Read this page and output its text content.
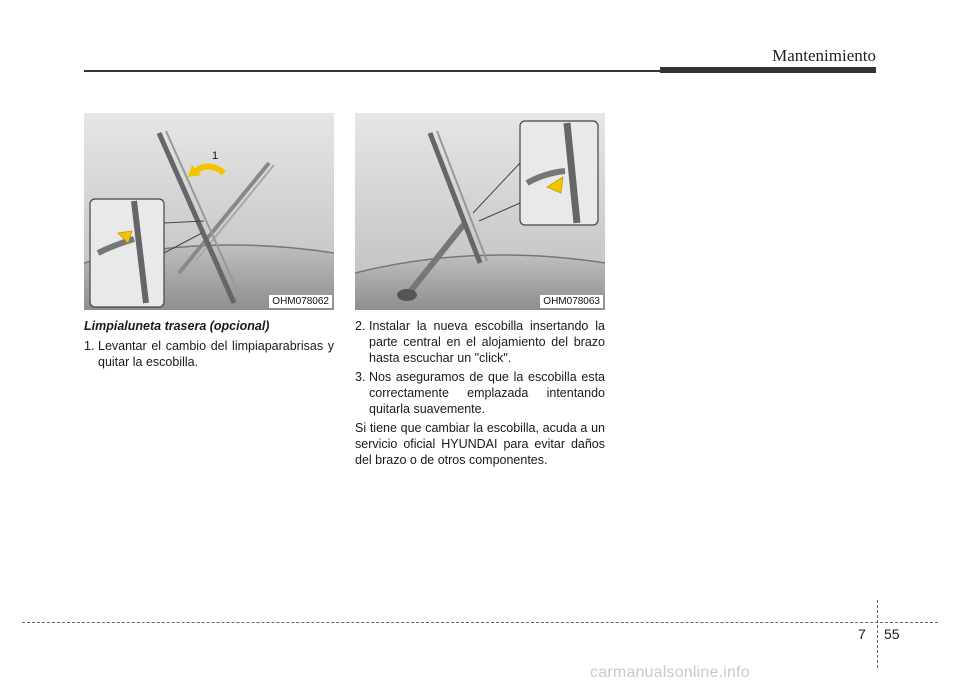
Mantenimiento
1
OHM078062	OHM078063

Limpialuneta trasera (opcional)

1. Levantar el cambio del limpiaparabrisas y quitar la escobilla.
2. Instalar la nueva escobilla insertando la parte central en el alojamiento del brazo hasta escuchar un "click".
3. Nos aseguramos de que la escobilla esta correctamente emplazada intentando quitarla suavemente.

Si tiene que cambiar la escobilla, acuda a un servicio oficial HYUNDAI para evitar daños del brazo o de otros componentes.

7 55
carmanualsonline.info
